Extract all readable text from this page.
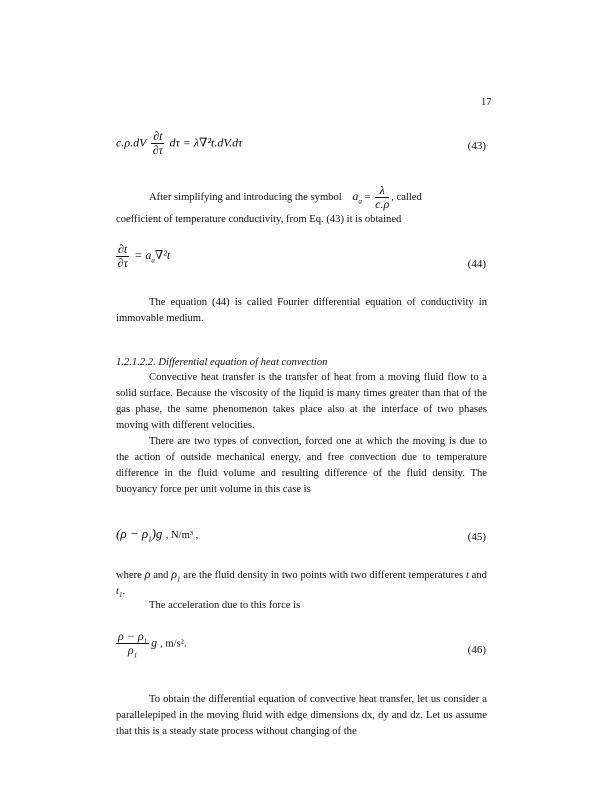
17
$c.\rho.dV \frac{\partial t}{\partial\tau}$ dτ = λ∇²t.dV.dτ	(43)
After simplifying and introducing the symbol $a_a = \frac{\lambda}{c.\rho}$ , called
coefficient of temperature conductivity, from Eq. (43) it is obtained
$\frac{\partial t}{\partial\tau} = a_a\nabla^2t$
(44)
The equation (44) is called Fourier differential equation of conductivity in immovable medium.
1.2.1.2.2. Differential equation of heat convection
Convective heat transfer is the transfer of heat from a moving fluid flow to a solid surface. Because the viscosity of the liquid is many times greater than that of the gas phase, the same phenomenon takes place also at the interface of two phases moving with different velocities.
There are two types of convection, forced one at which the moving is due to the action of outside mechanical energy, and free convection due to temperature difference in the fluid volume and resulting difference of the fluid density. The buoyancy force per unit volume in this case is
$(\rho - \rho_1)g$ , N/m³ ,	(45)
where ρ and $\rho_1$ are the fluid density in two points with two different temperatures t and $t_1$.
The acceleration due to this force is
$\frac{\rho - \rho_1}{\rho_1}$ g , m/s².
(46)
To obtain the differential equation of convective heat transfer, let us consider a parallelepiped in the moving fluid with edge dimensions dx, dy and dz. Let us assume that this is a steady state process without changing of the
